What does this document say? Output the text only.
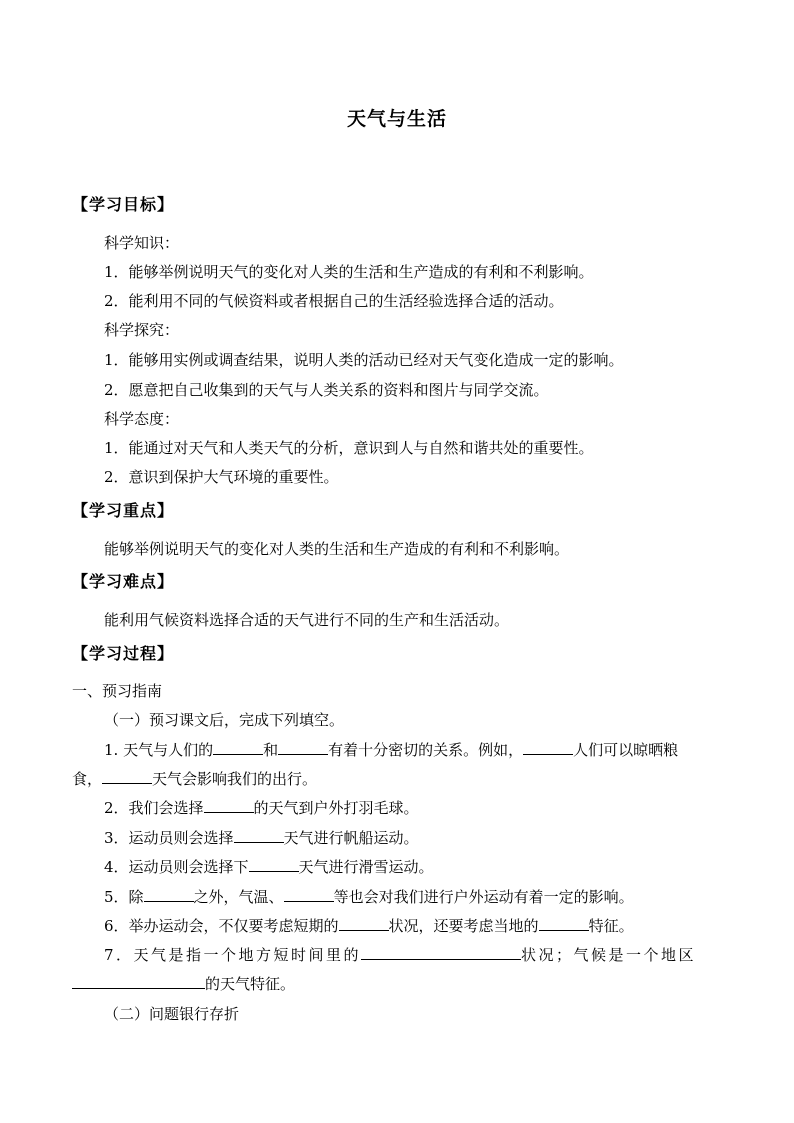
天气与生活
【学习目标】
科学知识：
1．能够举例说明天气的变化对人类的生活和生产造成的有利和不利影响。
2．能利用不同的气候资料或者根据自己的生活经验选择合适的活动。
科学探究：
1．能够用实例或调查结果，说明人类的活动已经对天气变化造成一定的影响。
2．愿意把自己收集到的天气与人类关系的资料和图片与同学交流。
科学态度：
1．能通过对天气和人类天气的分析，意识到人与自然和谐共处的重要性。
2．意识到保护大气环境的重要性。
【学习重点】
能够举例说明天气的变化对人类的生活和生产造成的有利和不利影响。
【学习难点】
能利用气候资料选择合适的天气进行不同的生产和生活活动。
【学习过程】
一、预习指南
（一）预习课文后，完成下列填空。
1. 天气与人们的	和	有着十分密切的关系。例如，	人们可以晾晒粮
食，	天气会影响我们的出行。
2．我们会选择	的天气到户外打羽毛球。
3．运动员则会选择	天气进行帆船运动。
4．运动员则会选择下	天气进行滑雪运动。
5．除	之外，气温、	等也会对我们进行户外运动有着一定的影响。
6．举办运动会，不仅要考虑短期的	状况，还要考虑当地的	特征。
7．天气是指一个地方短时间里的	状况；气候是一个地区
的天气特征。
（二）问题银行存折
